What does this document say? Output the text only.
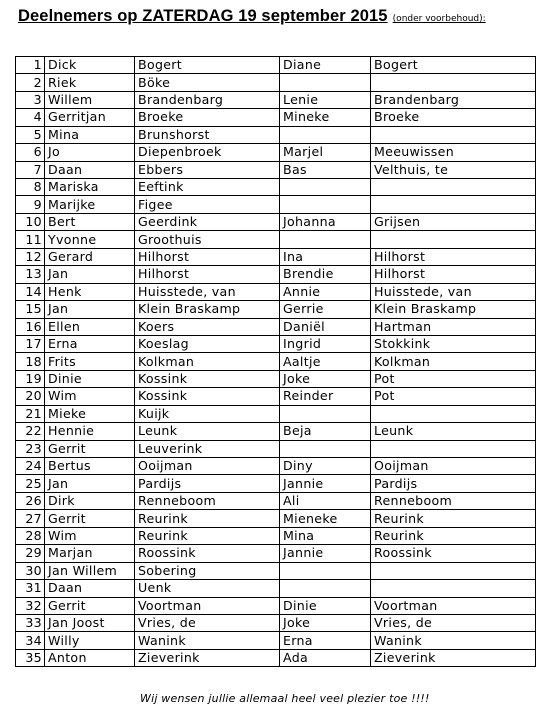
Deelnemers op ZATERDAG 19 september 2015 (onder voorbehoud):
1	Dick	Bogert	Diane	Bogert
2	Riek	Böke		
3	Willem	Brandenbarg	Lenie	Brandenbarg
4	Gerritjan	Broeke	Mineke	Broeke
5	Mina	Brunshorst		
6	Jo	Diepenbroek	Marjel	Meeuwissen
7	Daan	Ebbers	Bas	Velthuis, te
8	Mariska	Eeftink		
9	Marijke	Figee		
10	Bert	Geerdink	Johanna	Grijsen
11	Yvonne	Groothuis		
12	Gerard	Hilhorst	Ina	Hilhorst
13	Jan	Hilhorst	Brendie	Hilhorst
14	Henk	Huisstede, van	Annie	Huisstede, van
15	Jan	Klein Braskamp	Gerrie	Klein Braskamp
16	Ellen	Koers	Daniël	Hartman
17	Erna	Koeslag	Ingrid	Stokkink
18	Frits	Kolkman	Aaltje	Kolkman
19	Dinie	Kossink	Joke	Pot
20	Wim	Kossink	Reinder	Pot
21	Mieke	Kuijk		
22	Hennie	Leunk	Beja	Leunk
23	Gerrit	Leuverink		
24	Bertus	Ooijman	Diny	Ooijman
25	Jan	Pardijs	Jannie	Pardijs
26	Dirk	Renneboom	Ali	Renneboom
27	Gerrit	Reurink	Mieneke	Reurink
28	Wim	Reurink	Mina	Reurink
29	Marjan	Roossink	Jannie	Roossink
30	Jan Willem	Sobering		
31	Daan	Uenk		
32	Gerrit	Voortman	Dinie	Voortman
33	Jan Joost	Vries, de	Joke	Vries, de
34	Willy	Wanink	Erna	Wanink
35	Anton	Zieverink	Ada	Zieverink
Wij wensen jullie allemaal heel veel plezier toe !!!!
